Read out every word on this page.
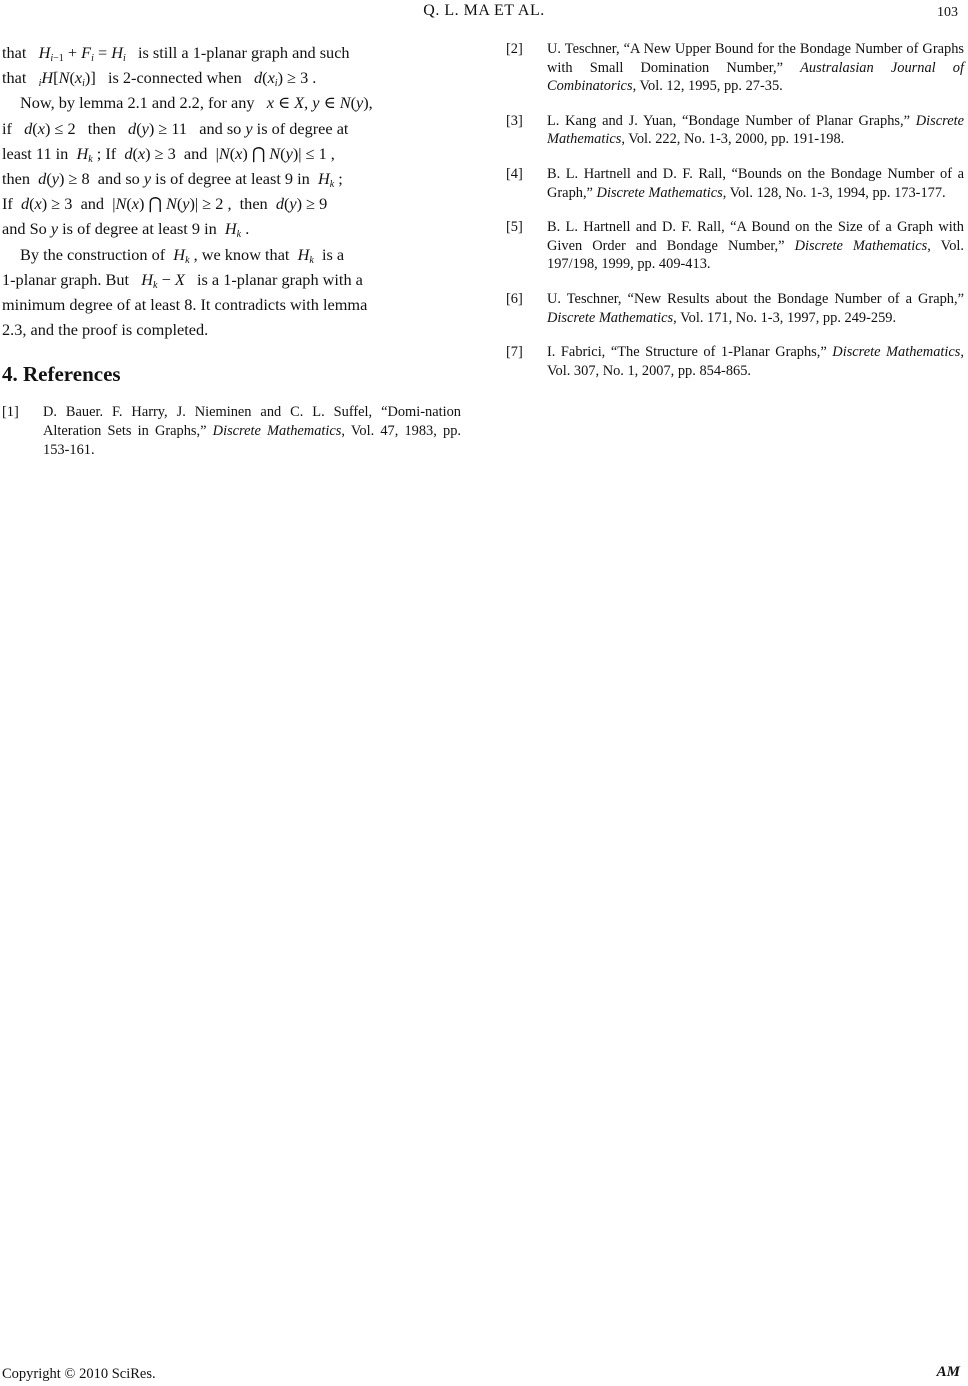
Q. L. MA ET AL.	103

that   $H_{i-1} + F_i = H_i$   is still a 1-planar graph and such
that   $_iH[N(x_i)]$   is 2-connected when   $d(x_i) \ge 3$ .

Now, by lemma 2.1 and 2.2, for any   x ∈ X, y ∈ N(y),
if   d(x) ≤ 2   then   d(y) ≥ 11   and so y is of degree at
least 11 in  $H_k$ ; If  d(x) ≥ 3  and  |N(x) ⋂ N(y)| ≤ 1 ,
then  d(y) ≥ 8  and so y is of degree at least 9 in  $H_k$ ;
If  d(x) ≥ 3  and  |N(x) ⋂ N(y)| ≥ 2 ,  then  d(y) ≥ 9
and So y is of degree at least 9 in  $H_k$ .

By the construction of  $H_k$ , we know that  $H_k$  is a
1-planar graph. But   $H_k - X$   is a 1-planar graph with a
minimum degree of at least 8. It contradicts with lemma
2.3, and the proof is completed.

4. References
[1]	D. Bauer. F. Harry, J. Nieminen and C. L. Suffel, “Domi-nation Alteration Sets in Graphs,” Discrete Mathematics, Vol. 47, 1983, pp. 153-161.
[2]	U. Teschner, “A New Upper Bound for the Bondage Number of Graphs with Small Domination Number,” Australasian Journal of Combinatorics, Vol. 12, 1995, pp. 27-35.
[3]	L. Kang and J. Yuan, “Bondage Number of Planar Graphs,” Discrete Mathematics, Vol. 222, No. 1-3, 2000, pp. 191-198.
[4]	B. L. Hartnell and D. F. Rall, “Bounds on the Bondage Number of a Graph,” Discrete Mathematics, Vol. 128, No. 1-3, 1994, pp. 173-177.
[5]	B. L. Hartnell and D. F. Rall, “A Bound on the Size of a Graph with Given Order and Bondage Number,” Discrete Mathematics, Vol. 197/198, 1999, pp. 409-413.
[6]	U. Teschner, “New Results about the Bondage Number of a Graph,” Discrete Mathematics, Vol. 171, No. 1-3, 1997, pp. 249-259.
[7]	I. Fabrici, “The Structure of 1-Planar Graphs,” Discrete Mathematics, Vol. 307, No. 1, 2007, pp. 854-865.
Copyright © 2010 SciRes.	AM
